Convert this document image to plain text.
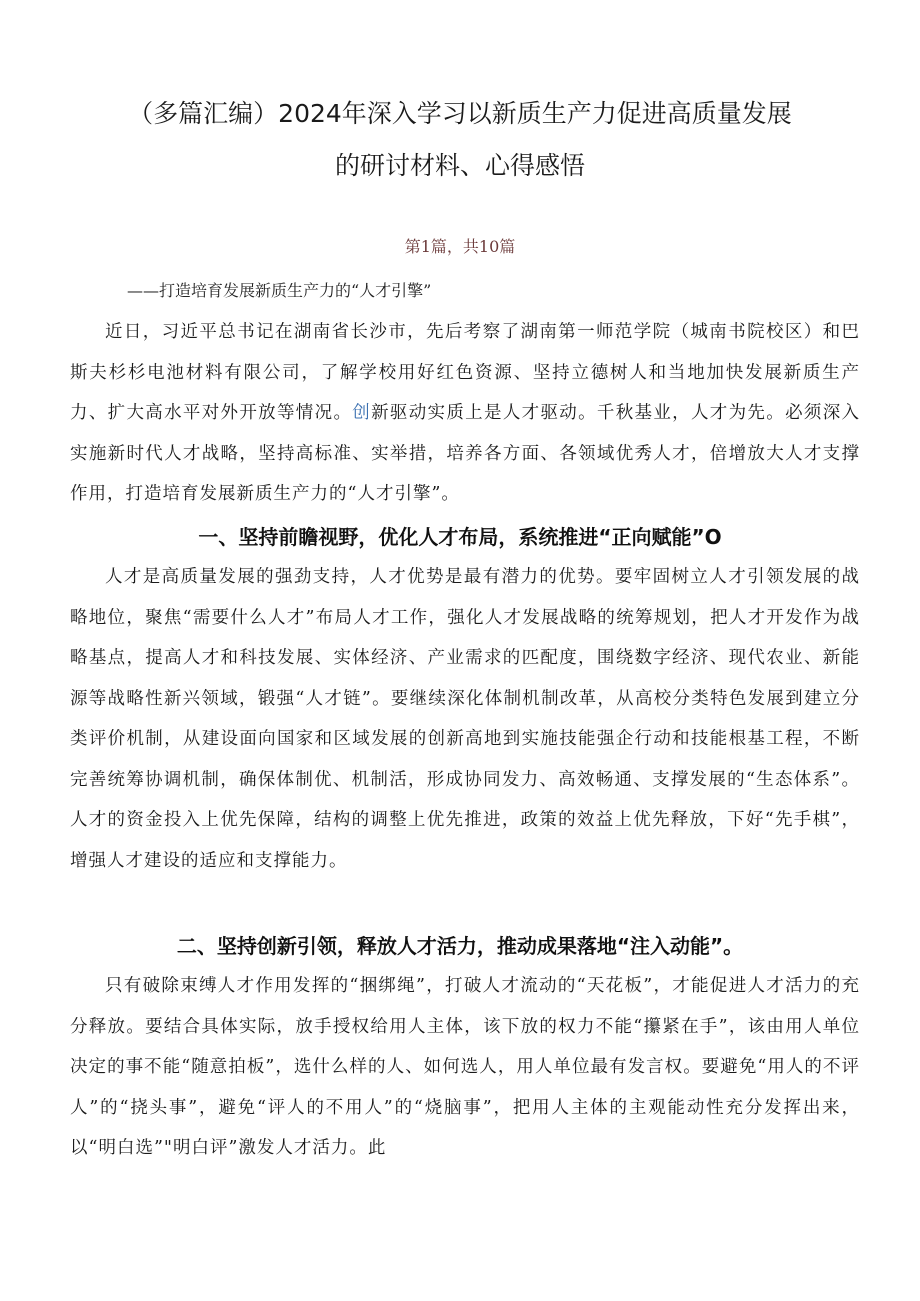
（多篇汇编）2024年深入学习以新质生产力促进高质量发展
的研讨材料、心得感悟
第1篇，共10篇
——打造培育发展新质生产力的“人才引擎”

近日，习近平总书记在湖南省长沙市，先后考察了湖南第一师范学院（城南书院校区）和巴斯夫杉杉电池材料有限公司，了解学校用好红色资源、坚持立德树人和当地加快发展新质生产力、扩大高水平对外开放等情况。创新驱动实质上是人才驱动。千秋基业，人才为先。必须深入实施新时代人才战略，坚持高标准、实举措，培养各方面、各领域优秀人才，倍增放大人才支撑作用，打造培育发展新质生产力的“人才引擎”。

一、坚持前瞻视野，优化人才布局，系统推进“正向赋能”O

人才是高质量发展的强劲支持，人才优势是最有潜力的优势。要牢固树立人才引领发展的战略地位，聚焦“需要什么人才”布局人才工作，强化人才发展战略的统筹规划，把人才开发作为战略基点，提高人才和科技发展、实体经济、产业需求的匹配度，围绕数字经济、现代农业、新能源等战略性新兴领域，锻强“人才链”。要继续深化体制机制改革，从高校分类特色发展到建立分类评价机制，从建设面向国家和区域发展的创新高地到实施技能强企行动和技能根基工程，不断完善统筹协调机制，确保体制优、机制活，形成协同发力、高效畅通、支撑发展的“生态体系”。人才的资金投入上优先保障，结构的调整上优先推进，政策的效益上优先释放，下好“先手棋”，增强人才建设的适应和支撑能力。

二、坚持创新引领，释放人才活力，推动成果落地“注入动能”。

只有破除束缚人才作用发挥的“捆绑绳”，打破人才流动的“天花板”，才能促进人才活力的充分释放。要结合具体实际，放手授权给用人主体，该下放的权力不能“攥紧在手”，该由用人单位决定的事不能“随意拍板”，选什么样的人、如何选人，用人单位最有发言权。要避免“用人的不评人”的“挠头事”，避免“评人的不用人”的“烧脑事”，把用人主体的主观能动性充分发挥出来，以“明白选”"明白评”激发人才活力。此
